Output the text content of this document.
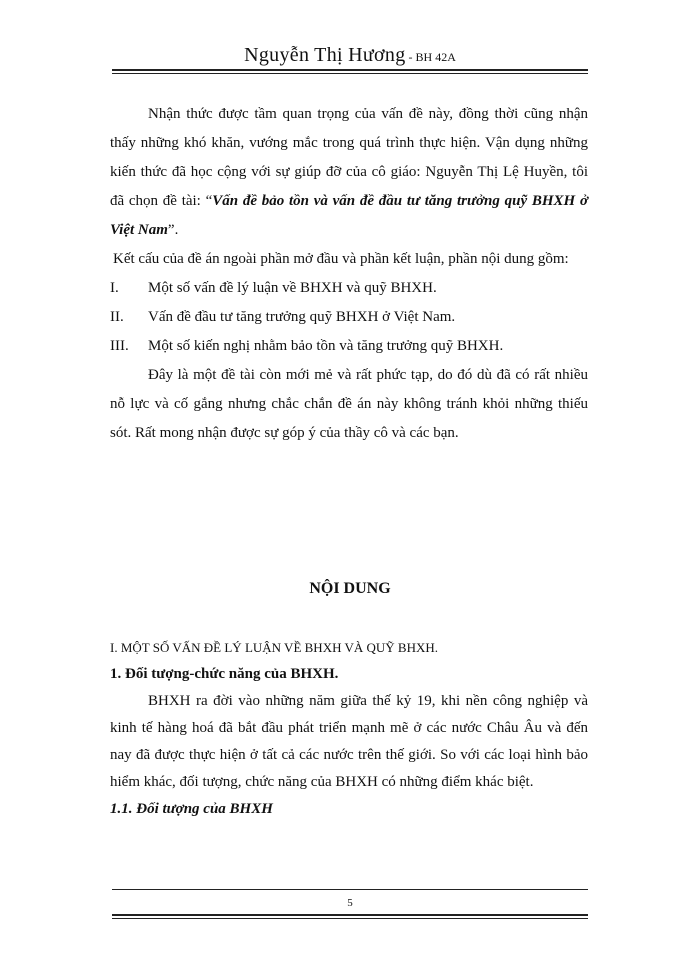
Nguyễn Thị Hương - BH 42A

Nhận thức được tầm quan trọng của vấn đề này, đồng thời cũng nhận thấy những khó khăn, vướng mắc trong quá trình thực hiện. Vận dụng những kiến thức đã học cộng với sự giúp đỡ của cô giáo: Nguyễn Thị Lệ Huyền, tôi đã chọn đề tài: “Vấn đề bảo tồn và vấn đề đầu tư tăng trưởng quỹ BHXH ở Việt Nam”.

Kết cấu của đề án ngoài phần mở đầu và phần kết luận, phần nội dung gồm:

I.	Một số vấn đề lý luận về BHXH và quỹ BHXH.
II.	Vấn đề đầu tư tăng trưởng quỹ BHXH ở Việt Nam.
III.	Một số kiến nghị nhằm bảo tồn và tăng trưởng quỹ BHXH.

Đây là một đề tài còn mới mẻ và rất phức tạp, do đó dù đã có rất nhiều nỗ lực và cố gắng nhưng chắc chắn đề án này không tránh khỏi những thiếu sót. Rất mong nhận được sự góp ý của thầy cô và các bạn.

NỘI DUNG

I. MỘT SỐ VẤN ĐỀ LÝ LUẬN VỀ BHXH VÀ QUỸ BHXH.

1. Đối tượng-chức năng của BHXH.

BHXH ra đời vào những năm giữa thế kỷ 19, khi nền công nghiệp và kinh tế hàng hoá đã bắt đầu phát triển mạnh mẽ ở các nước Châu Âu và đến nay đã được thực hiện ở tất cả các nước trên thế giới. So với các loại hình bảo hiểm khác, đối tượng, chức năng của BHXH có những điểm khác biệt.

1.1. Đối tượng của BHXH

5
